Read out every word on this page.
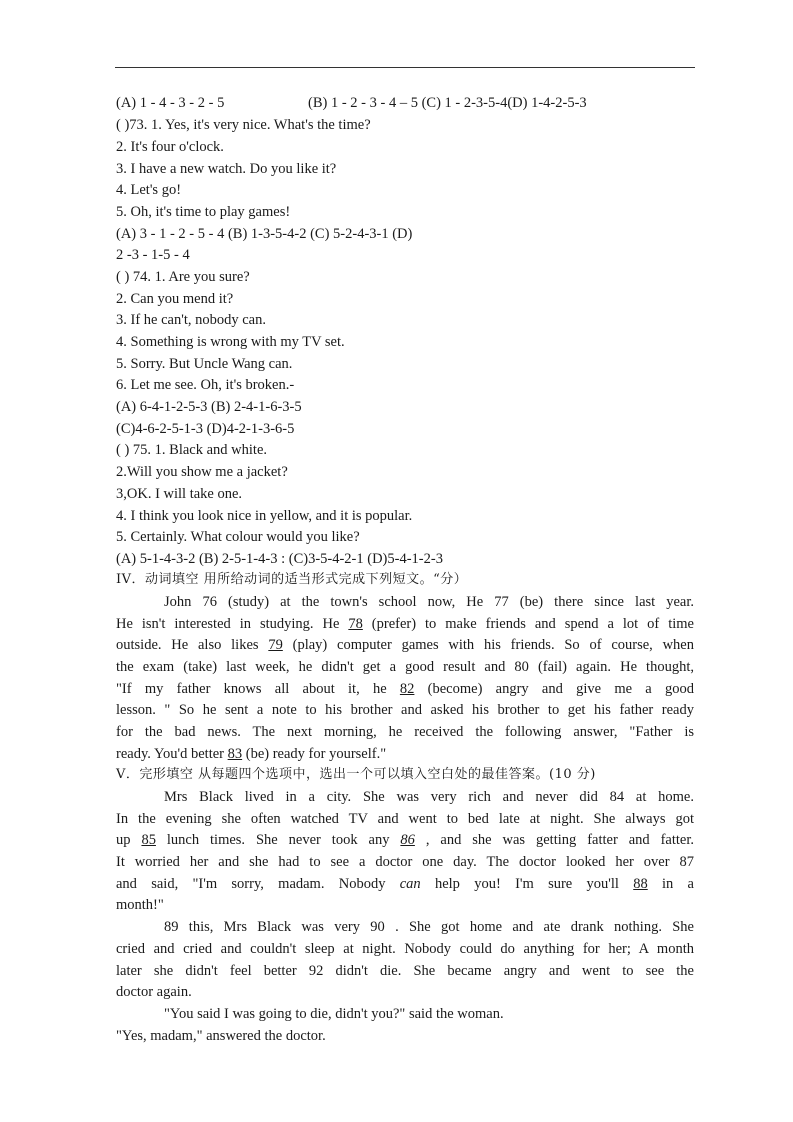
(A) 1 - 4 - 3 - 2 - 5	(B) 1 - 2 - 3 - 4 – 5 (C) 1 - 2-3-5-4(D) 1-4-2-5-3
( )73. 1. Yes, it's very nice. What's the time?
2. It's four o'clock.
3. I have a new watch. Do you like it?
4. Let's go!
5. Oh, it's time to play games!
(A) 3 - 1 - 2 - 5 - 4 (B) 1-3-5-4-2 (C) 5-2-4-3-1 (D)
2 -3 - 1-5 - 4
( ) 74. 1. Are you sure?
2. Can you mend it?
3. If he can't, nobody can.
4. Something is wrong with my TV set.
5. Sorry. But Uncle Wang can.
6. Let me see. Oh, it's broken.-
(A) 6-4-1-2-5-3 (B) 2-4-1-6-3-5
(C)4-6-2-5-1-3 (D)4-2-1-3-6-5
( ) 75. 1. Black and white.
2.Will you show me a jacket?
3,OK. I will take one.
4. I think you look nice in yellow, and it is popular.
5. Certainly. What colour would you like?
(A) 5-1-4-3-2 (B) 2-5-1-4-3 : (C)3-5-4-2-1 (D)5-4-1-2-3
IV．动词填空 用所给动词的适当形式完成下列短文。“分）
John 76 (study) at the town's school now, He 77 (be) there since last year.
He isn't interested in studying. He 78 (prefer) to make friends and spend a lot of time
outside. He also likes 79 (play) computer games with his friends. So of course, when
the exam (take) last week, he didn't get a good result and 80 (fail) again. He thought,
"If my father knows all about it, he 82 (become) angry and give me a good
lesson. " So he sent a note to his brother and asked his brother to get his father ready
for the bad news. The next morning, he received the following answer, "Father is
ready. You'd better 83 (be) ready for yourself."
V．完形填空 从每题四个选项中，选出一个可以填入空白处的最佳答案。(10 分)
Mrs Black lived in a city. She was very rich and never did 84 at home.
In the evening she often watched TV and went to bed late at night. She always got
up 85 lunch times. She never took any 86 , and she was getting fatter and fatter.
It worried her and she had to see a doctor one day. The doctor looked her over 87
and said, "I'm sorry, madam. Nobody can help you! I'm sure you'll 88 in a
month!"
89 this, Mrs Black was very 90 . She got home and ate drank nothing. She
cried and cried and couldn't sleep at night. Nobody could do anything for her; A month
later she didn't feel better 92 didn't die. She became angry and went to see the
doctor again.
"You said I was going to die, didn't you?" said the woman.
"Yes, madam," answered the doctor.
